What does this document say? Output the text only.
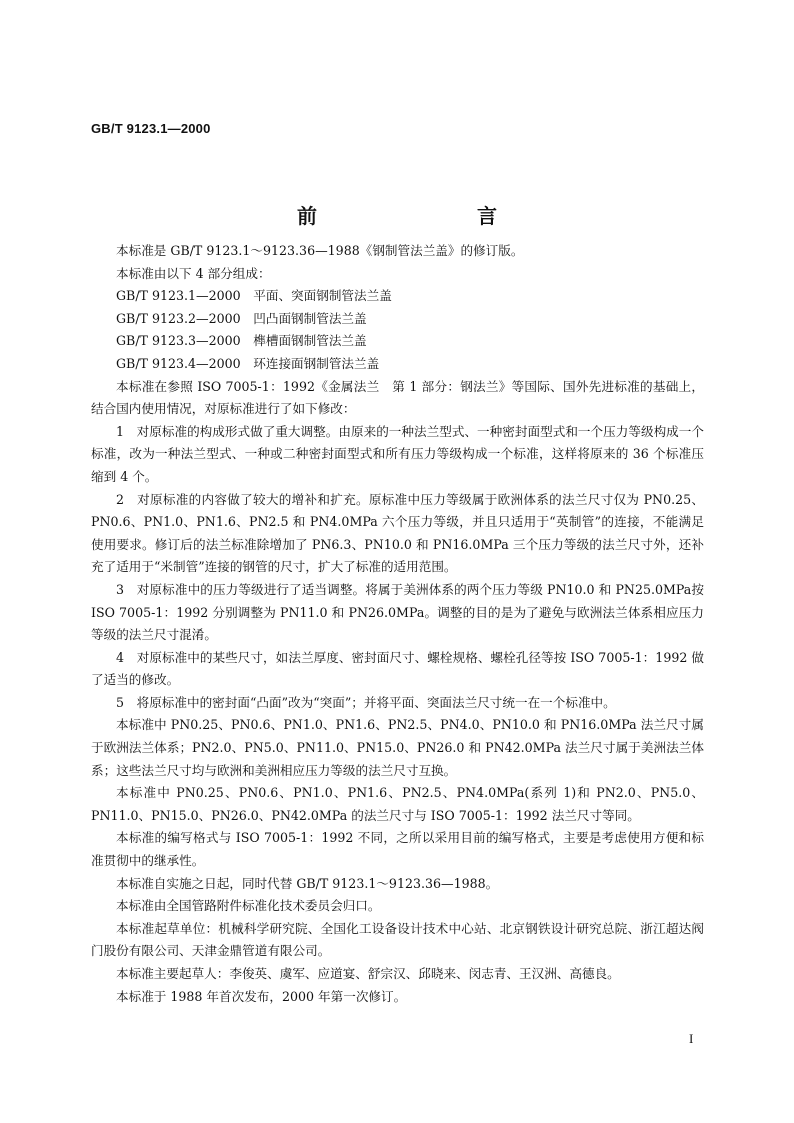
GB/T 9123.1—2000
前　　言

本标准是 GB/T 9123.1～9123.36—1988《钢制管法兰盖》的修订版。

本标准由以下 4 部分组成：

GB/T 9123.1—2000　平面、突面钢制管法兰盖

GB/T 9123.2—2000　凹凸面钢制管法兰盖

GB/T 9123.3—2000　榫槽面钢制管法兰盖

GB/T 9123.4—2000　环连接面钢制管法兰盖

本标准在参照 ISO 7005-1：1992《金属法兰　第 1 部分：钢法兰》等国际、国外先进标准的基础上，结合国内使用情况，对原标准进行了如下修改：

1　对原标准的构成形式做了重大调整。由原来的一种法兰型式、一种密封面型式和一个压力等级构成一个标准，改为一种法兰型式、一种或二种密封面型式和所有压力等级构成一个标准，这样将原来的 36 个标准压缩到 4 个。

2　对原标准的内容做了较大的增补和扩充。原标准中压力等级属于欧洲体系的法兰尺寸仅为 PN0.25、PN0.6、PN1.0、PN1.6、PN2.5 和 PN4.0MPa 六个压力等级，并且只适用于“英制管”的连接，不能满足使用要求。修订后的法兰标准除增加了 PN6.3、PN10.0 和 PN16.0MPa 三个压力等级的法兰尺寸外，还补充了适用于“米制管”连接的钢管的尺寸，扩大了标准的适用范围。

3　对原标准中的压力等级进行了适当调整。将属于美洲体系的两个压力等级 PN10.0 和 PN25.0MPa按 ISO 7005-1：1992 分别调整为 PN11.0 和 PN26.0MPa。调整的目的是为了避免与欧洲法兰体系相应压力等级的法兰尺寸混淆。

4　对原标准中的某些尺寸，如法兰厚度、密封面尺寸、螺栓规格、螺栓孔径等按 ISO 7005-1：1992 做了适当的修改。

5　将原标准中的密封面“凸面”改为“突面”；并将平面、突面法兰尺寸统一在一个标准中。

本标准中 PN0.25、PN0.6、PN1.0、PN1.6、PN2.5、PN4.0、PN10.0 和 PN16.0MPa 法兰尺寸属于欧洲法兰体系；PN2.0、PN5.0、PN11.0、PN15.0、PN26.0 和 PN42.0MPa 法兰尺寸属于美洲法兰体系；这些法兰尺寸均与欧洲和美洲相应压力等级的法兰尺寸互换。

本标准中 PN0.25、PN0.6、PN1.0、PN1.6、PN2.5、PN4.0MPa(系列 1)和 PN2.0、PN5.0、PN11.0、PN15.0、PN26.0、PN42.0MPa 的法兰尺寸与 ISO 7005-1：1992 法兰尺寸等同。

本标准的编写格式与 ISO 7005-1：1992 不同，之所以采用目前的编写格式，主要是考虑使用方便和标准贯彻中的继承性。

本标准自实施之日起，同时代替 GB/T 9123.1～9123.36—1988。

本标准由全国管路附件标准化技术委员会归口。

本标准起草单位：机械科学研究院、全国化工设备设计技术中心站、北京钢铁设计研究总院、浙江超达阀门股份有限公司、天津金鼎管道有限公司。

本标准主要起草人：李俊英、虞军、应道宴、舒宗汉、邱晓来、闵志青、王汉洲、高德良。

本标准于 1988 年首次发布，2000 年第一次修订。

I
